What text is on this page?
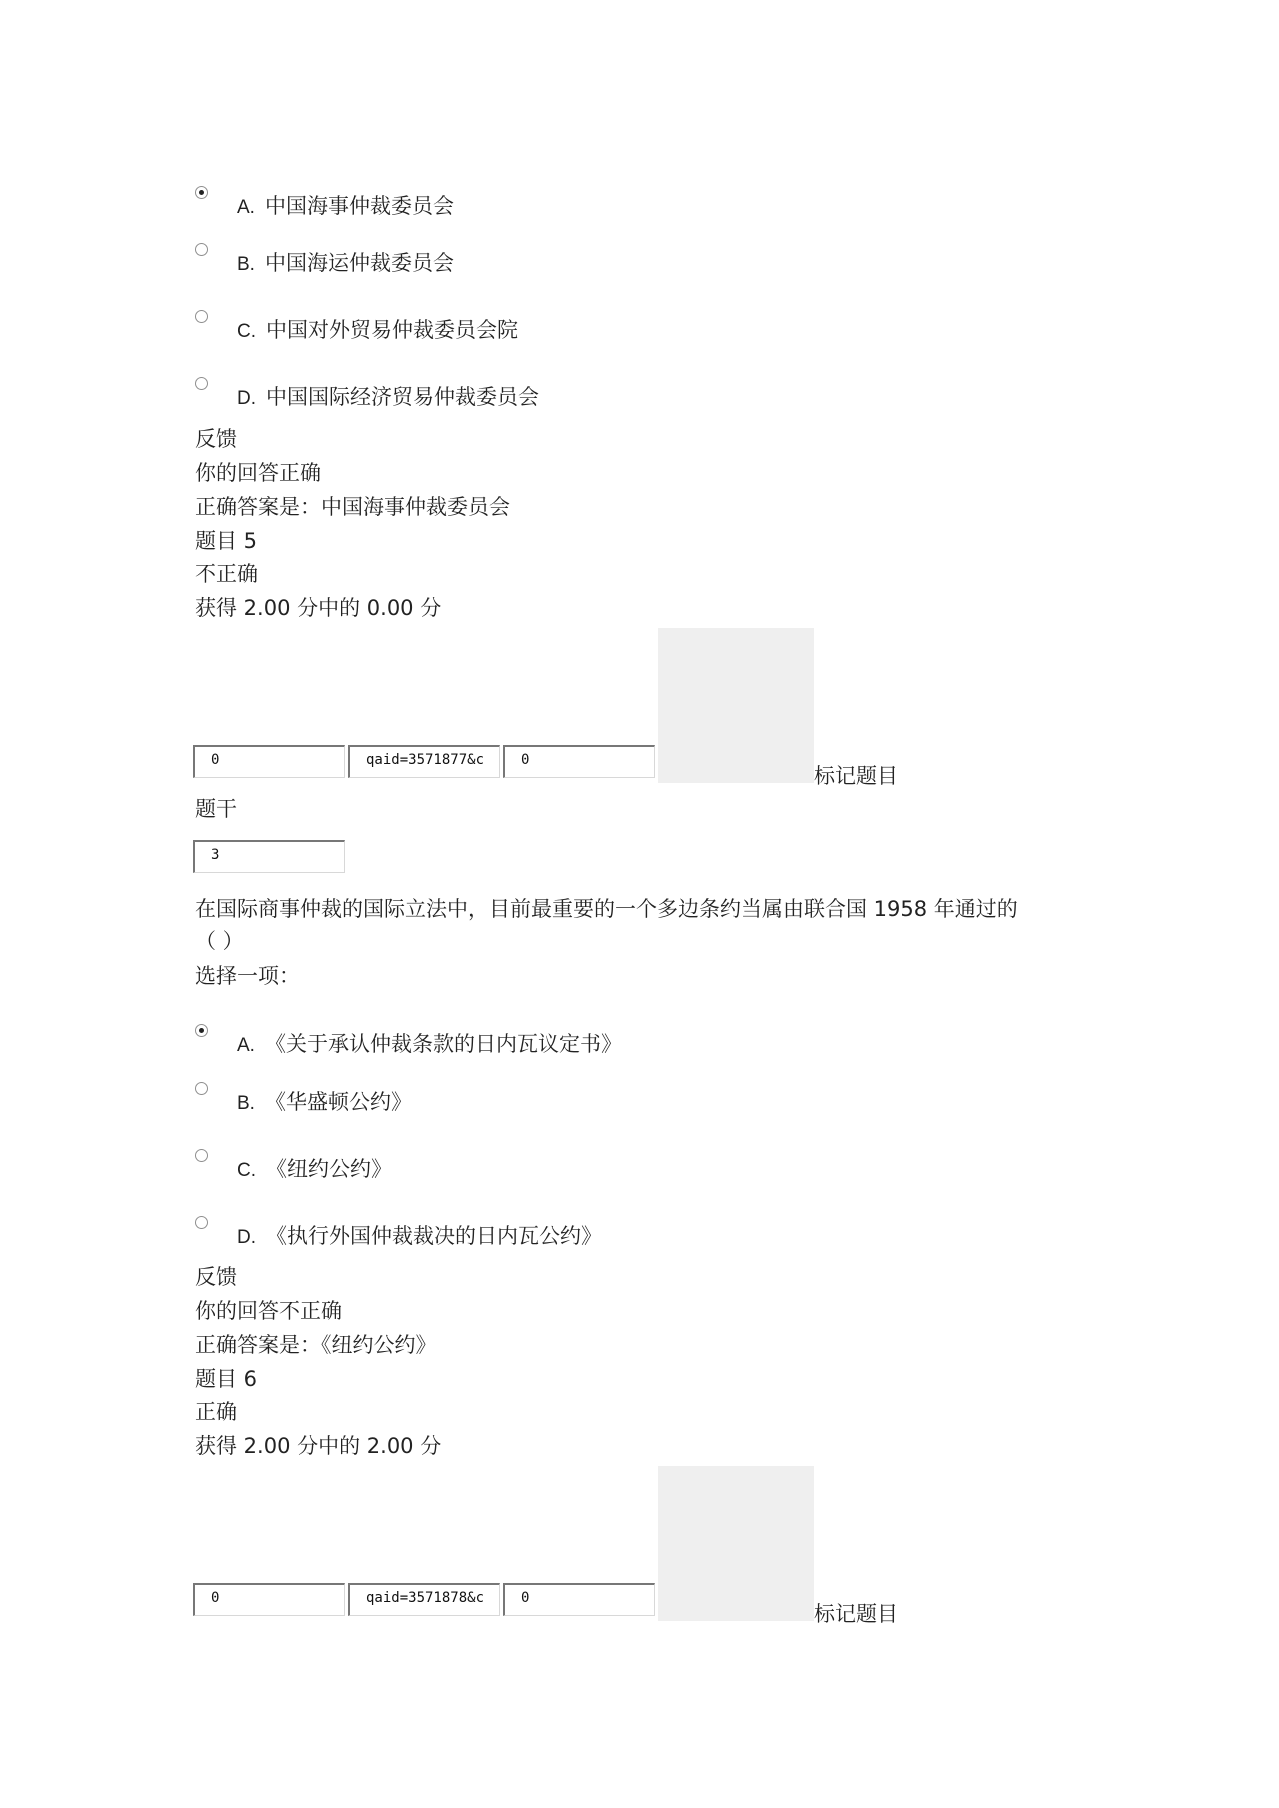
A. 中国海事仲裁委员会
B. 中国海运仲裁委员会
C. 中国对外贸易仲裁委员会院
D. 中国国际经济贸易仲裁委员会
反馈
你的回答正确
正确答案是：中国海事仲裁委员会
题目 5
不正确
获得 2.00 分中的 0.00 分
0	qaid=3571877&c	0
标记题目
题干
3
在国际商事仲裁的国际立法中，目前最重要的一个多边条约当属由联合国 1958 年通过的
（ ）
选择一项：
A. 《关于承认仲裁条款的日内瓦议定书》
B. 《华盛顿公约》
C. 《纽约公约》
D. 《执行外国仲裁裁决的日内瓦公约》
反馈
你的回答不正确
正确答案是：《纽约公约》
题目 6
正确
获得 2.00 分中的 2.00 分
0	qaid=3571878&c	0
标记题目
